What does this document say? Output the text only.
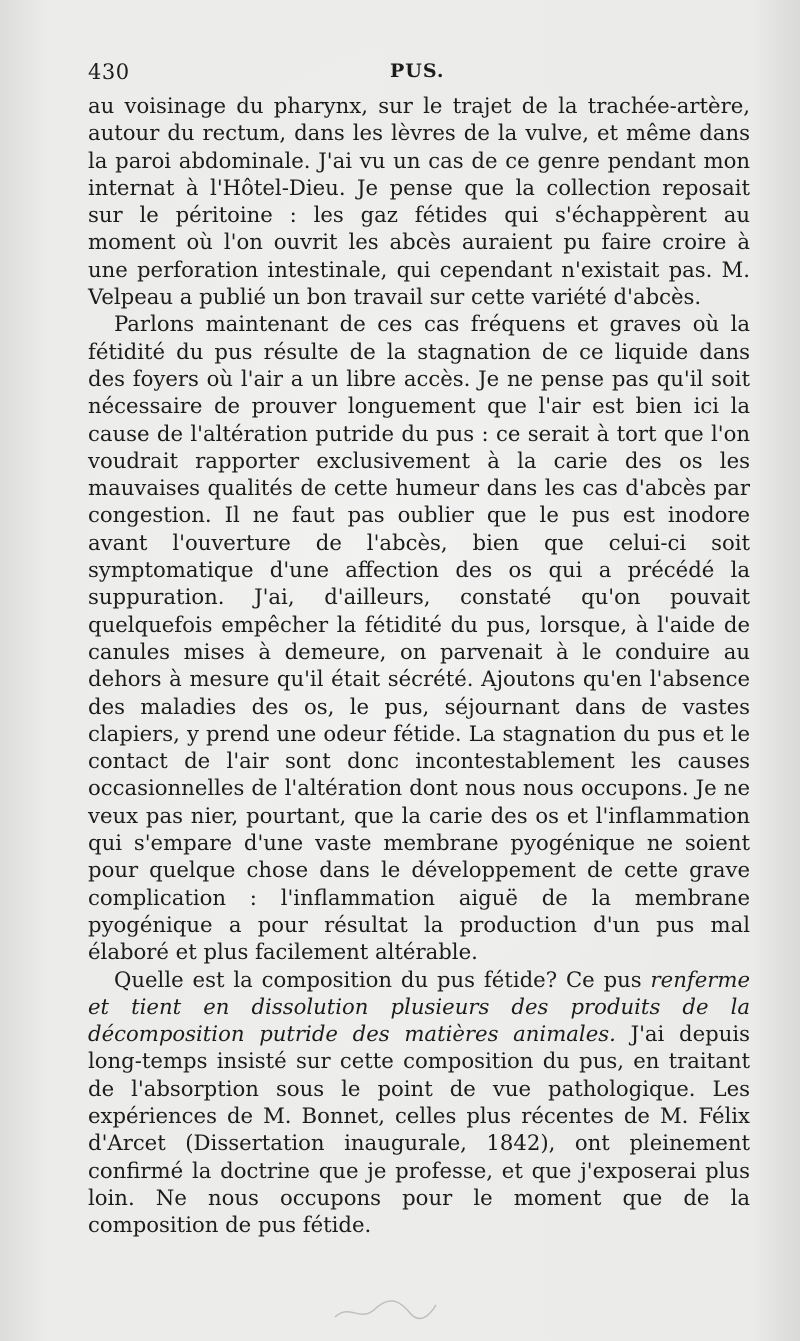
430	PUS.

au voisinage du pharynx, sur le trajet de la trachée-artère, autour du rectum, dans les lèvres de la vulve, et même dans la paroi abdominale. J'ai vu un cas de ce genre pendant mon internat à l'Hôtel-Dieu. Je pense que la collection reposait sur le péritoine : les gaz fétides qui s'échappèrent au moment où l'on ouvrit les abcès auraient pu faire croire à une perforation intestinale, qui cependant n'existait pas. M. Velpeau a publié un bon travail sur cette variété d'abcès.

Parlons maintenant de ces cas fréquens et graves où la fétidité du pus résulte de la stagnation de ce liquide dans des foyers où l'air a un libre accès. Je ne pense pas qu'il soit nécessaire de prouver longuement que l'air est bien ici la cause de l'altération putride du pus : ce serait à tort que l'on voudrait rapporter exclusivement à la carie des os les mauvaises qualités de cette humeur dans les cas d'abcès par congestion. Il ne faut pas oublier que le pus est inodore avant l'ouverture de l'abcès, bien que celui-ci soit symptomatique d'une affection des os qui a précédé la suppuration. J'ai, d'ailleurs, constaté qu'on pouvait quelquefois empêcher la fétidité du pus, lorsque, à l'aide de canules mises à demeure, on parvenait à le conduire au dehors à mesure qu'il était sécrété. Ajoutons qu'en l'absence des maladies des os, le pus, séjournant dans de vastes clapiers, y prend une odeur fétide. La stagnation du pus et le contact de l'air sont donc incontestablement les causes occasionnelles de l'altération dont nous nous occupons. Je ne veux pas nier, pourtant, que la carie des os et l'inflammation qui s'empare d'une vaste membrane pyogénique ne soient pour quelque chose dans le développement de cette grave complication : l'inflammation aiguë de la membrane pyogénique a pour résultat la production d'un pus mal élaboré et plus facilement altérable.

Quelle est la composition du pus fétide? Ce pus renferme et tient en dissolution plusieurs des produits de la décomposition putride des matières animales. J'ai depuis long-temps insisté sur cette composition du pus, en traitant de l'absorption sous le point de vue pathologique. Les expériences de M. Bonnet, celles plus récentes de M. Félix d'Arcet (Dissertation inaugurale, 1842), ont pleinement confirmé la doctrine que je professe, et que j'exposerai plus loin. Ne nous occupons pour le moment que de la composition de pus fétide.
